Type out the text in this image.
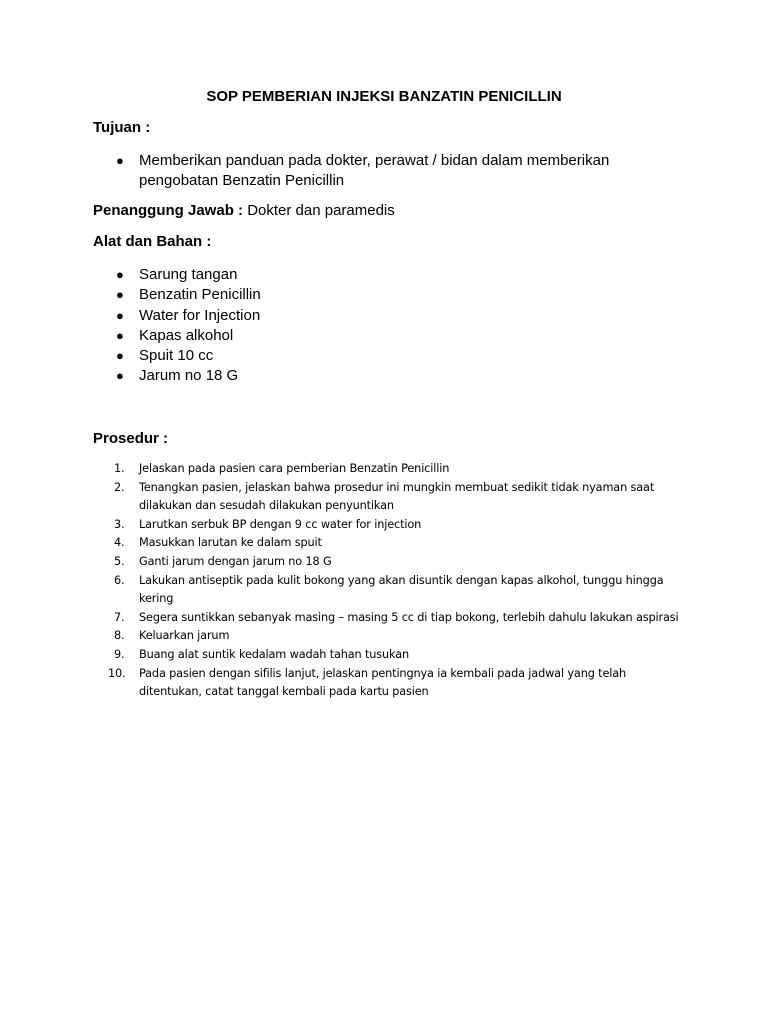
SOP PEMBERIAN INJEKSI BANZATIN PENICILLIN
Tujuan :
● Memberikan panduan pada dokter, perawat / bidan dalam memberikan pengobatan Benzatin Penicillin
Penanggung Jawab : Dokter dan paramedis
Alat dan Bahan :
● Sarung tangan
● Benzatin Penicillin
● Water for Injection
● Kapas alkohol
● Spuit 10 cc
● Jarum no 18 G
Prosedur :
1. Jelaskan pada pasien cara pemberian Benzatin Penicillin
2. Tenangkan pasien, jelaskan bahwa prosedur ini mungkin membuat sedikit tidak nyaman saat dilakukan dan sesudah dilakukan penyuntikan
3. Larutkan serbuk BP dengan 9 cc water for injection
4. Masukkan larutan ke dalam spuit
5. Ganti jarum dengan jarum no 18 G
6. Lakukan antiseptik pada kulit bokong yang akan disuntik dengan kapas alkohol, tunggu hingga kering
7. Segera suntikkan sebanyak masing – masing 5 cc di tiap bokong, terlebih dahulu lakukan aspirasi
8. Keluarkan jarum
9. Buang alat suntik kedalam wadah tahan tusukan
10. Pada pasien dengan sifilis lanjut, jelaskan pentingnya ia kembali pada jadwal yang telah ditentukan, catat tanggal kembali pada kartu pasien
